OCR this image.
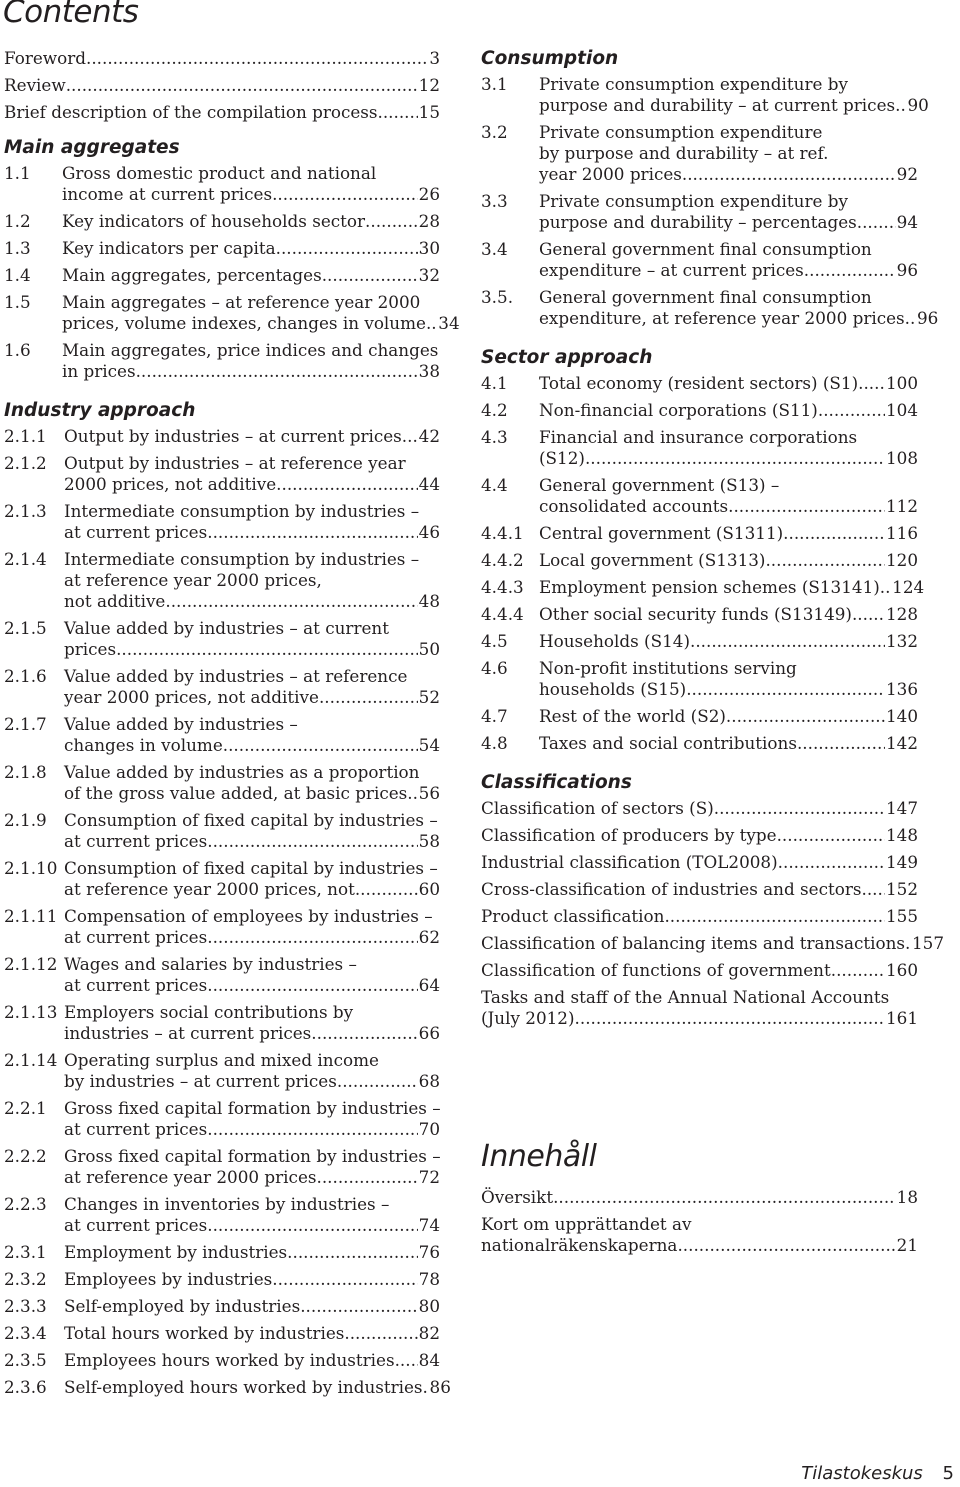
Contents
Foreword .....	3
Review .....	12
Brief description of the compilation process ..... 15
Main aggregates
1.1	Gross domestic product and national
income at current prices .....	26
1.2	Key indicators of households sector .....	28
1.3	Key indicators per capita .....	30
1.4	Main aggregates, percentages .....	32
1.5	Main aggregates – at reference year 2000
prices, volume indexes, changes in volume. ..... 34
1.6	Main aggregates, price indices and changes
in prices .....	38
Industry approach
2.1.1	Output by industries – at current prices ..... 42
2.1.2	Output by industries – at reference year
2000 prices, not additive .....	44
2.1.3	Intermediate consumption by industries –
at current prices .....	46
2.1.4	Intermediate consumption by industries –
at reference year 2000 prices,
not additive .....	48
2.1.5	Value added by industries – at current
prices .....	50
2.1.6	Value added by industries – at reference
year 2000 prices, not additive .....	52
2.1.7	Value added by industries –
changes in volume .....	54
2.1.8	Value added by industries as a proportion
of the gross value added, at basic prices ..... 56
2.1.9	Consumption of fixed capital by industries –
at current prices .....	58
2.1.10 Consumption of fixed capital by industries –
at reference year 2000 prices, not .....	60
2.1.11 Compensation of employees by industries –
at current prices .....	62
2.1.12 Wages and salaries by industries –
at current prices .....	64
2.1.13 Employers social contributions by
industries – at current prices .....	66
2.1.14 Operating surplus and mixed income
by industries – at current prices .....	68
2.2.1	Gross fixed capital formation by industries –
at current prices .....	70
2.2.2	Gross fixed capital formation by industries –
at reference year 2000 prices .....	72
2.2.3	Changes in inventories by industries –
at current prices .....	74
2.3.1	Employment by industries .....	76
2.3.2	Employees by industries .....	78
2.3.3	Self-employed by industries .....	80
2.3.4	Total hours worked by industries .....	82
2.3.5	Employees hours worked by industries ..... 84
2.3.6	Self-employed hours worked by industries ..... 86
Consumption
3.1	Private consumption expenditure by
purpose and durability – at current prices. ..... 90
3.2	Private consumption expenditure
by purpose and durability – at ref.
year 2000 prices .....	92
3.3	Private consumption expenditure by
purpose and durability – percentages ..... 94
3.4	General government final consumption
expenditure – at current prices .....	96
3.5.	General government final consumption
expenditure, at reference year 2000 prices. ..... 96
Sector approach
4.1	Total economy (resident sectors) (S1) ..... 100
4.2	Non-financial corporations (S11) .....	104
4.3	Financial and insurance corporations
(S12) .....	108
4.4	General government (S13) –
consolidated accounts .....	112
4.4.1 Central government (S1311) .....	116
4.4.2 Local government (S1313) .....	120
4.4.3 Employment pension schemes (S13141). ..... 124
4.4.4 Other social security funds (S13149) ..... 128
4.5	Households (S14) .....	132
4.6	Non-profit institutions serving
households (S15) .....	136
4.7	Rest of the world (S2) .....	140
4.8	Taxes and social contributions .....	142
Classifications
Classification of sectors (S) .....	147
Classification of producers by type .....	148
Industrial classification (TOL2008) .....	149
Cross-classification of industries and sectors ..... 152
Product classification .....	155
Classification of balancing items and transactions ..... 157
Classification of functions of government .....	160
Tasks and staff of the Annual National Accounts
(July 2012) .....	161
Innehåll
Översikt .....	18
Kort om upprättandet av
nationalräkenskaperna .....	21
Tilastokeskus 5
